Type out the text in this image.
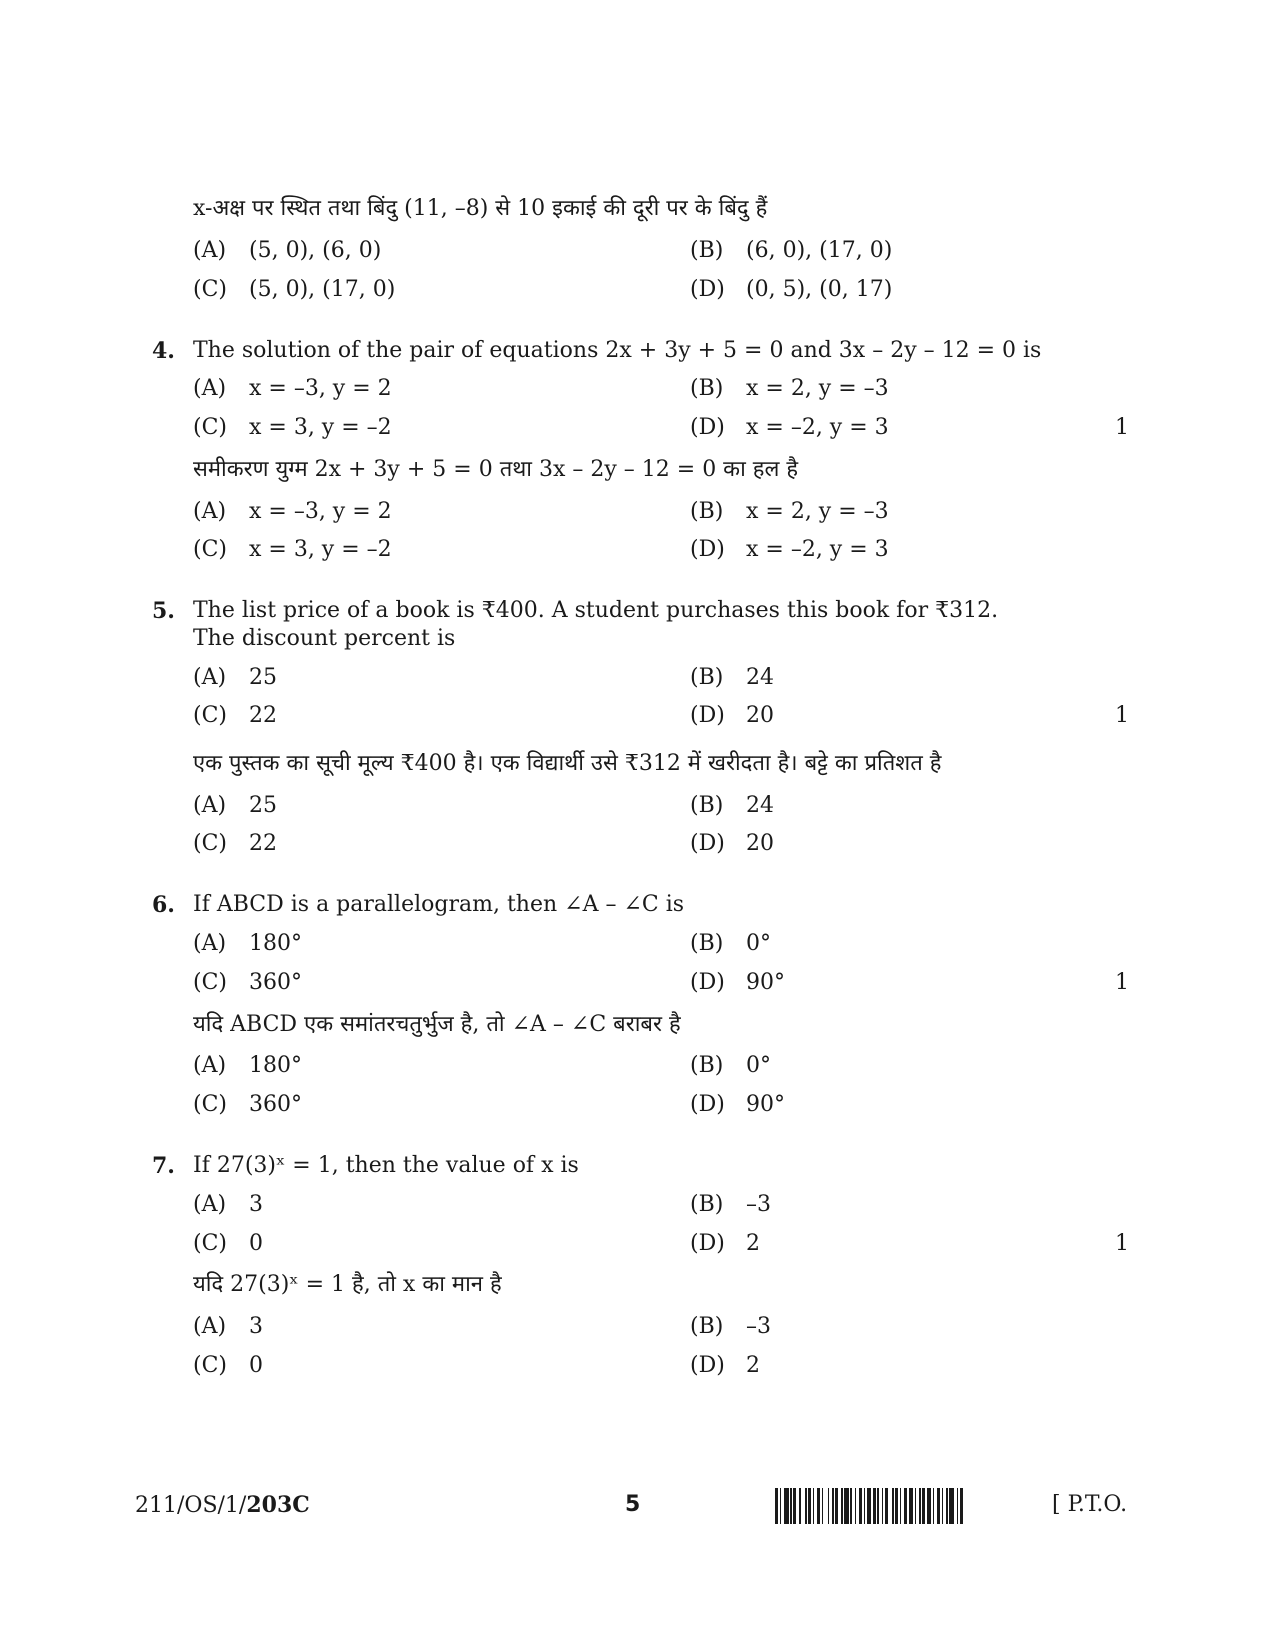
x-अक्ष पर स्थित तथा बिंदु (11, –8) से 10 इकाई की दूरी पर के बिंदु हैं
(A) (5, 0), (6, 0)	(B) (6, 0), (17, 0)
(C) (5, 0), (17, 0)	(D) (0, 5), (0, 17)
4. The solution of the pair of equations 2x + 3y + 5 = 0 and 3x – 2y – 12 = 0 is
(A) x = –3, y = 2	(B) x = 2, y = –3
(C) x = 3, y = –2	(D) x = –2, y = 3	1
समीकरण युग्म 2x + 3y + 5 = 0 तथा 3x – 2y – 12 = 0 का हल है
(A) x = –3, y = 2	(B) x = 2, y = –3
(C) x = 3, y = –2	(D) x = –2, y = 3
5. The list price of a book is ₹400. A student purchases this book for ₹312.
The discount percent is
(A) 25	(B) 24
(C) 22	(D) 20	1
एक पुस्तक का सूची मूल्य ₹400 है। एक विद्यार्थी उसे ₹312 में खरीदता है। बट्टे का प्रतिशत है
(A) 25	(B) 24
(C) 22	(D) 20
6. If ABCD is a parallelogram, then ∠A – ∠C is
(A) 180°	(B) 0°
(C) 360°	(D) 90°	1
यदि ABCD एक समांतरचतुर्भुज है, तो ∠A – ∠C बराबर है
(A) 180°	(B) 0°
(C) 360°	(D) 90°
7. If 27(3)ˣ = 1, then the value of x is
(A) 3	(B) –3
(C) 0	(D) 2	1
यदि 27(3)ˣ = 1 है, तो x का मान है
(A) 3	(B) –3
(C) 0	(D) 2
211/OS/1/203C	5	[ P.T.O.
